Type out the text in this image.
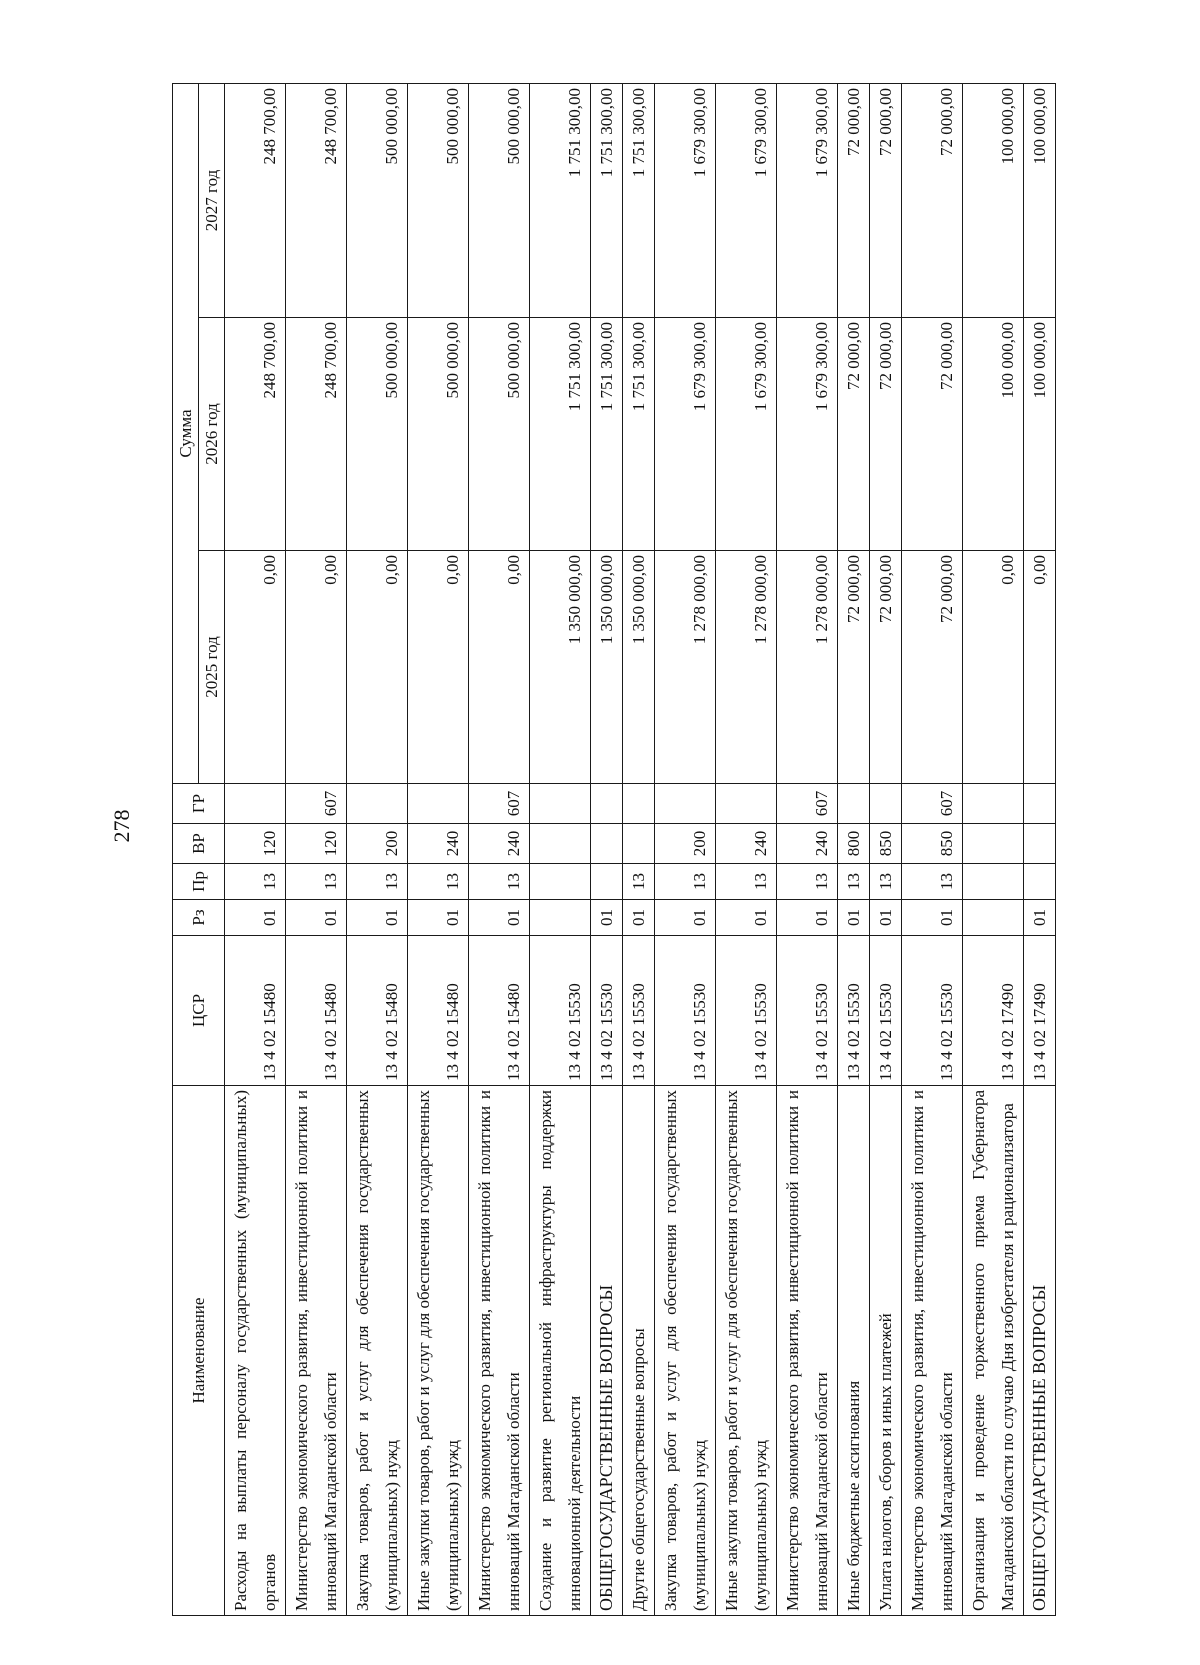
278
Наименование	ЦСР	Рз	Пр	ВР	ГР	Сумма		
						2025 год	2026 год	2027 год
Расходы на выплаты персоналу государственных (муниципальных) органов	13 4 02 15480	01	13	120		0,00	248 700,00	248 700,00
Министерство экономического развития, инвестиционной политики и инноваций Магаданской области	13 4 02 15480	01	13	120	607	0,00	248 700,00	248 700,00
Закупка товаров, работ и услуг для обеспечения государственных (муниципальных) нужд	13 4 02 15480	01	13	200		0,00	500 000,00	500 000,00
Иные закупки товаров, работ и услуг для обеспечения государственных (муниципальных) нужд	13 4 02 15480	01	13	240		0,00	500 000,00	500 000,00
Министерство экономического развития, инвестиционной политики и инноваций Магаданской области	13 4 02 15480	01	13	240	607	0,00	500 000,00	500 000,00
Создание и развитие региональной инфраструктуры поддержки инновационной деятельности	13 4 02 15530					1 350 000,00	1 751 300,00	1 751 300,00
ОБЩЕГОСУДАРСТВЕННЫЕ ВОПРОСЫ	13 4 02 15530	01				1 350 000,00	1 751 300,00	1 751 300,00
Другие общегосударственные вопросы	13 4 02 15530	01	13			1 350 000,00	1 751 300,00	1 751 300,00
Закупка товаров, работ и услуг для обеспечения государственных (муниципальных) нужд	13 4 02 15530	01	13	200		1 278 000,00	1 679 300,00	1 679 300,00
Иные закупки товаров, работ и услуг для обеспечения государственных (муниципальных) нужд	13 4 02 15530	01	13	240		1 278 000,00	1 679 300,00	1 679 300,00
Министерство экономического развития, инвестиционной политики и инноваций Магаданской области	13 4 02 15530	01	13	240	607	1 278 000,00	1 679 300,00	1 679 300,00
Иные бюджетные ассигнования	13 4 02 15530	01	13	800		72 000,00	72 000,00	72 000,00
Уплата налогов, сборов и иных платежей	13 4 02 15530	01	13	850		72 000,00	72 000,00	72 000,00
Министерство экономического развития, инвестиционной политики и инноваций Магаданской области	13 4 02 15530	01	13	850	607	72 000,00	72 000,00	72 000,00
Организация и проведение торжественного приема Губернатора Магаданской области по случаю Дня изобретателя и рационализатора	13 4 02 17490					0,00	100 000,00	100 000,00
ОБЩЕГОСУДАРСТВЕННЫЕ ВОПРОСЫ	13 4 02 17490	01				0,00	100 000,00	100 000,00
